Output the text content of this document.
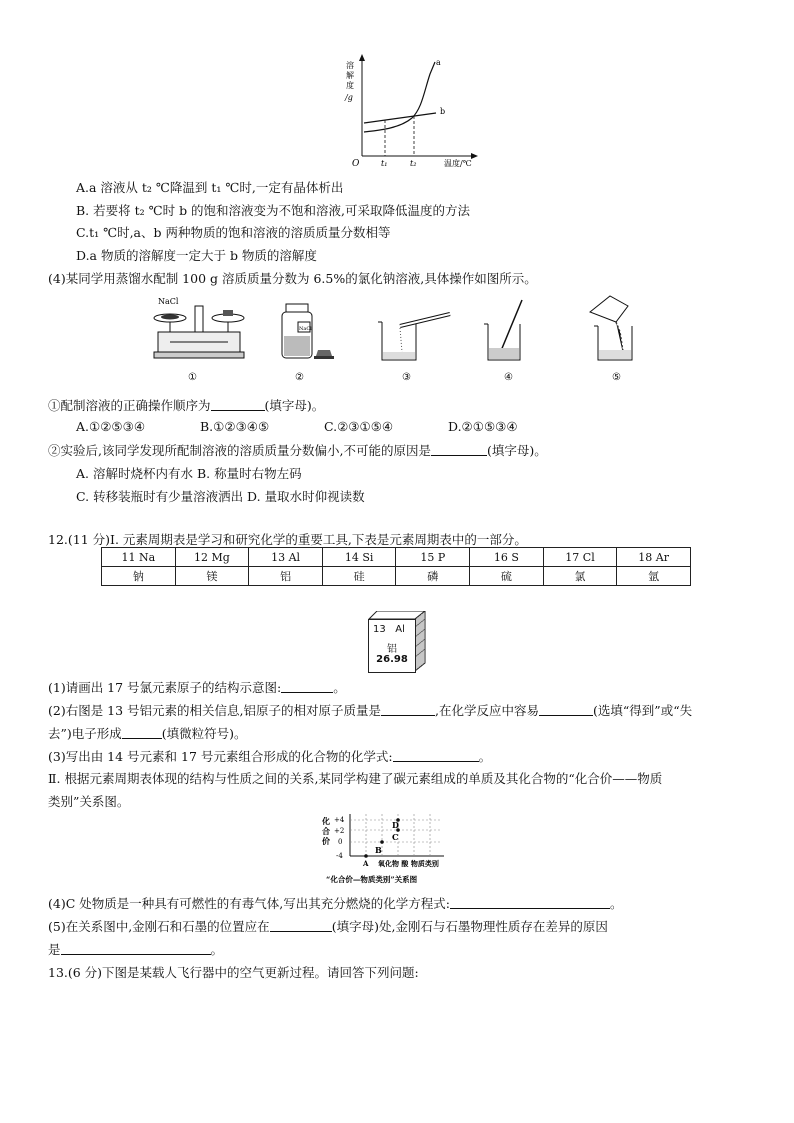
溶
解
度
/g
O	t₁	t₂	温度/℃
a
b
A.a 溶液从 t₂ ℃降温到 t₁ ℃时,一定有晶体析出
B. 若要将 t₂ ℃时 b 的饱和溶液变为不饱和溶液,可采取降低温度的方法
C.t₁ ℃时,a、b 两种物质的饱和溶液的溶质质量分数相等
D.a 物质的溶解度一定大于 b 物质的溶解度
(4)某同学用蒸馏水配制 100 g 溶质质量分数为 6.5%的氯化钠溶液,具体操作如图所示。
NaCl
NaCl
①	②	③	④	⑤
①配制溶液的正确操作顺序为	(填字母)。
A.①②⑤③④	B.①②③④⑤	C.②③①⑤④	D.②①⑤③④
②实验后,该同学发现所配制溶液的溶质质量分数偏小,不可能的原因是	(填字母)。
A. 溶解时烧杯内有水 B. 称量时右物左码
C. 转移装瓶时有少量溶液洒出 D. 量取水时仰视读数
12.(11 分)Ⅰ. 元素周期表是学习和研究化学的重要工具,下表是元素周期表中的一部分。
11 Na	12 Mg	13 Al	14 Si	15 P	16 S	17 Cl	18 Ar
钠	镁	铝	硅	磷	硫	氯	氩
13 Al
铝
26.98
(1)请画出 17 号氯元素原子的结构示意图:	。
(2)右图是 13 号铝元素的相关信息,铝原子的相对原子质量是	,在化学反应中容易	(选填“得到”或“失
去”)电子形成	(填微粒符号)。
(3)写出由 14 号元素和 17 号元素组合形成的化合物的化学式:	。
Ⅱ. 根据元素周期表体现的结构与性质之间的关系,某同学构建了碳元素组成的单质及其化合物的“化合价——物质
类别”关系图。
化
合
价
+4
+2
0
-4
D
C
B
A 氧化物 酸 物质类别
“化合价—物质类别”关系图
(4)C 处物质是一种具有可燃性的有毒气体,写出其充分燃烧的化学方程式:	。
(5)在关系图中,金刚石和石墨的位置应在	(填字母)处,金刚石与石墨物理性质存在差异的原因
是	。
13.(6 分)下图是某载人飞行器中的空气更新过程。请回答下列问题:
